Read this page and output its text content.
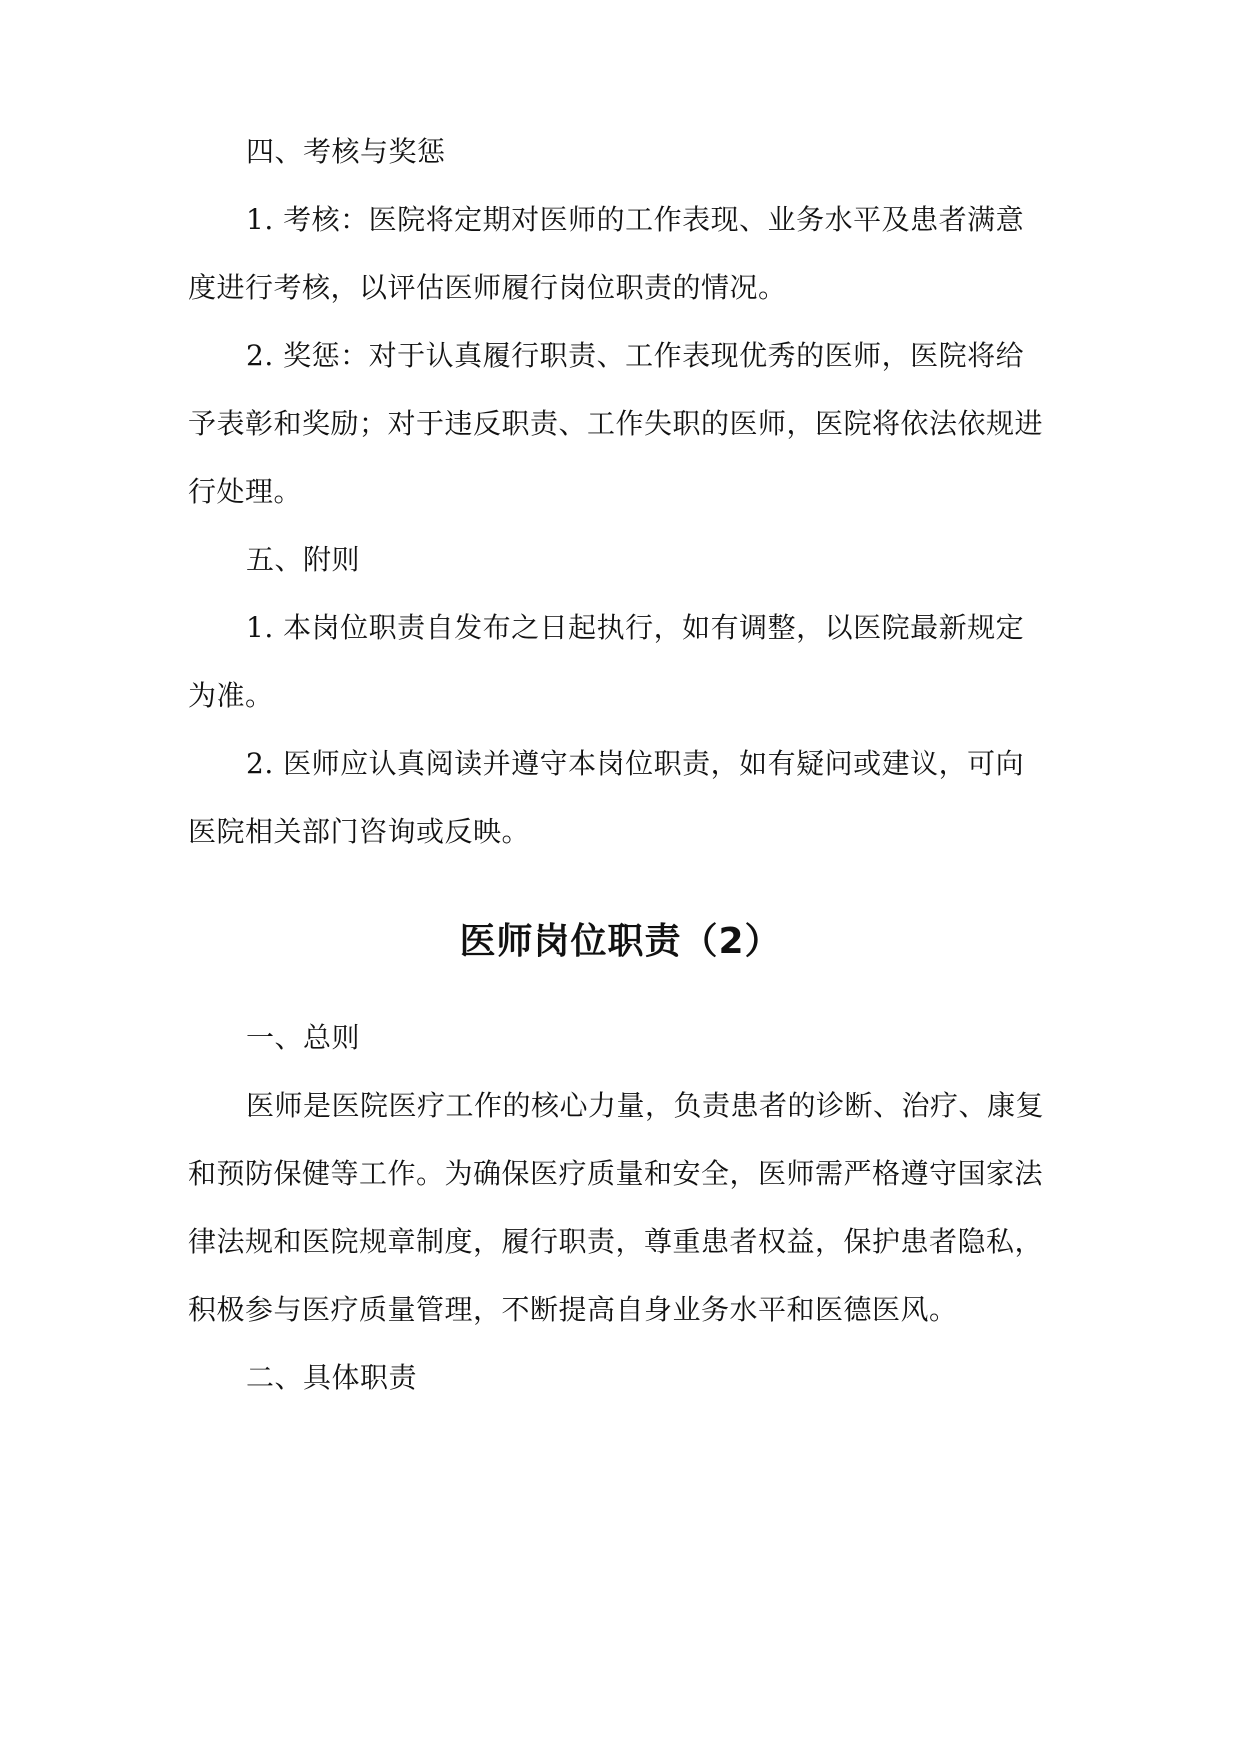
四、考核与奖惩
1. 考核：医院将定期对医师的工作表现、业务水平及患者满意
度进行考核，以评估医师履行岗位职责的情况。
2. 奖惩：对于认真履行职责、工作表现优秀的医师，医院将给
予表彰和奖励；对于违反职责、工作失职的医师，医院将依法依规进
行处理。
五、附则
1. 本岗位职责自发布之日起执行，如有调整，以医院最新规定
为准。
2. 医师应认真阅读并遵守本岗位职责，如有疑问或建议，可向
医院相关部门咨询或反映。
医师岗位职责（2）
一、总则
医师是医院医疗工作的核心力量，负责患者的诊断、治疗、康复
和预防保健等工作。为确保医疗质量和安全，医师需严格遵守国家法
律法规和医院规章制度，履行职责，尊重患者权益，保护患者隐私，
积极参与医疗质量管理，不断提高自身业务水平和医德医风。
二、具体职责
